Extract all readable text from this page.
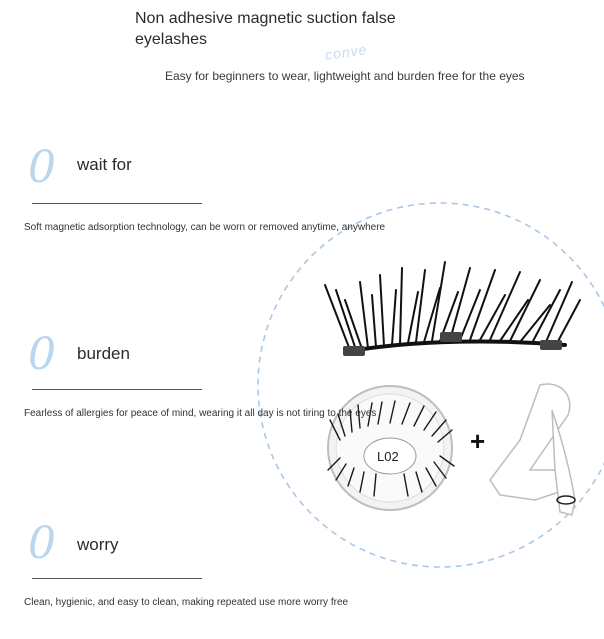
Non adhesive magnetic suction false eyelashes
conve
Easy for beginners to wear, lightweight and burden free for the eyes
0 wait for
Soft magnetic adsorption technology, can be worn or removed anytime, anywhere
0 burden
Fearless of allergies for peace of mind, wearing it all day is not tiring to the eyes
0 worry
Clean, hygienic, and easy to clean, making repeated use more worry free
L02
+
